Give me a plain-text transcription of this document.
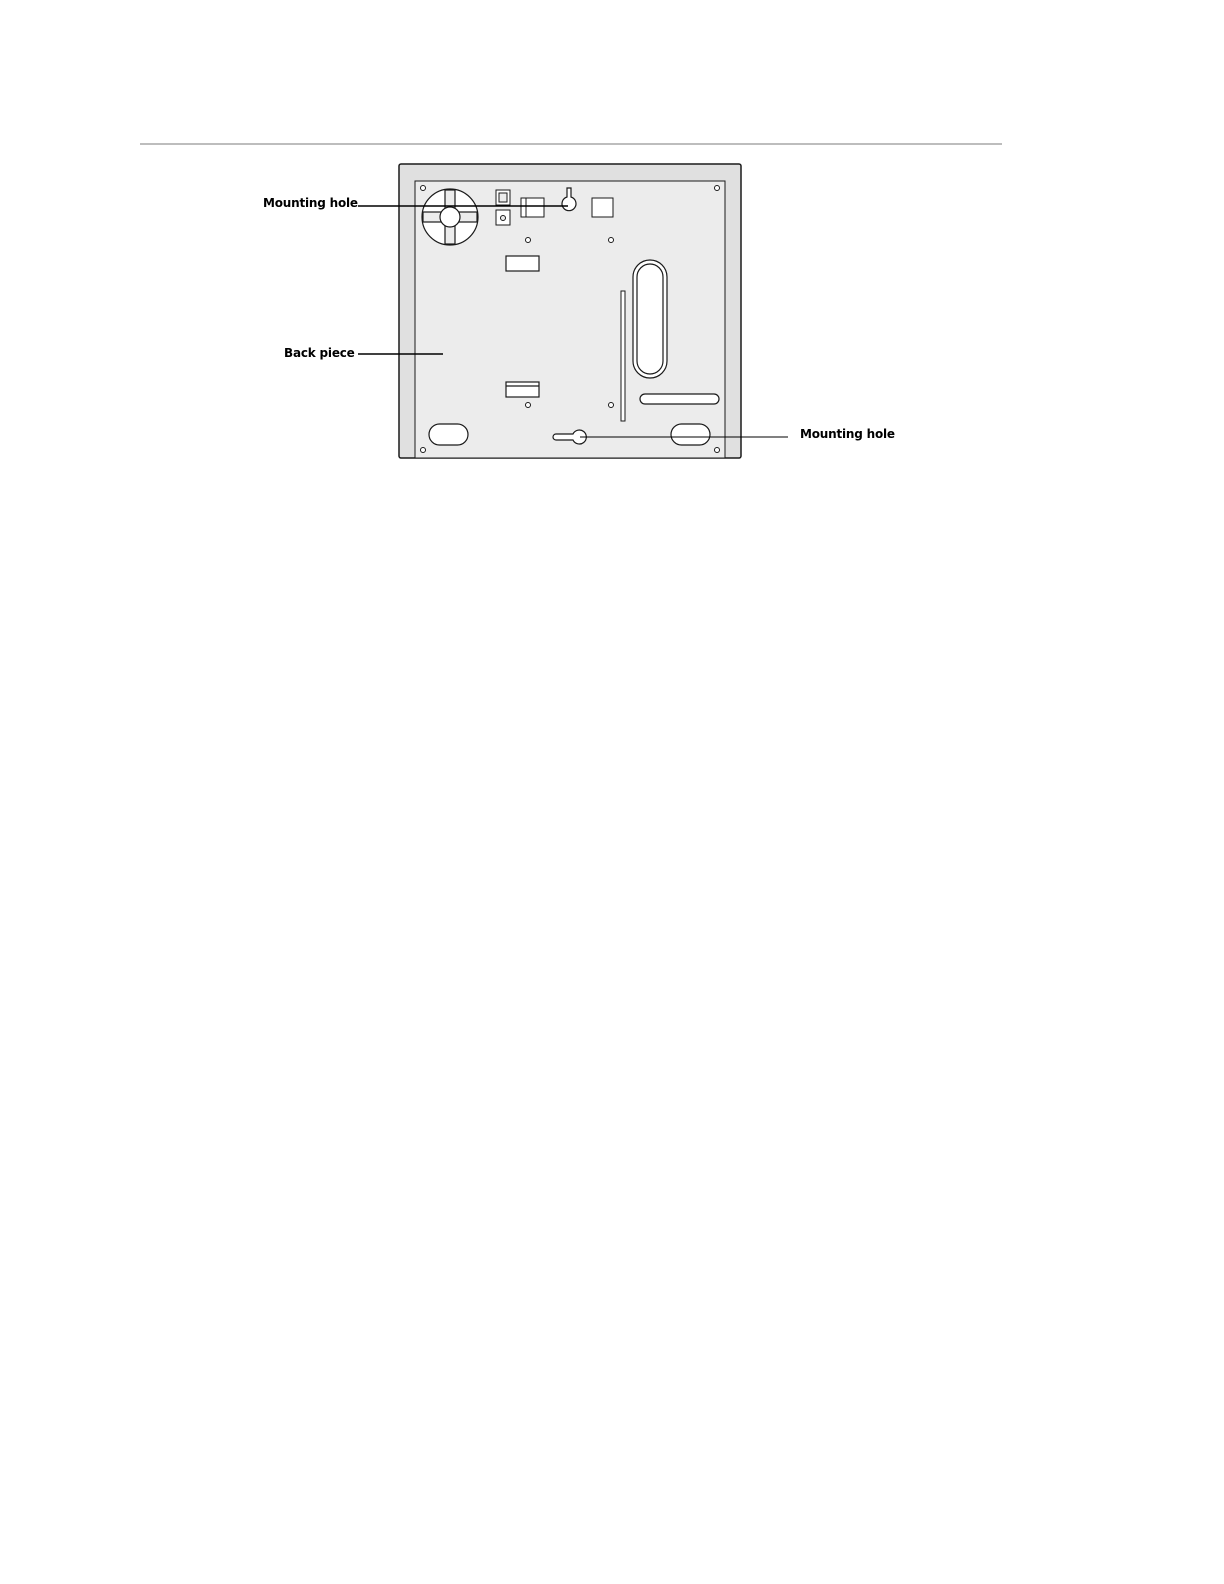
Mounting hole
Back piece
Mounting hole
